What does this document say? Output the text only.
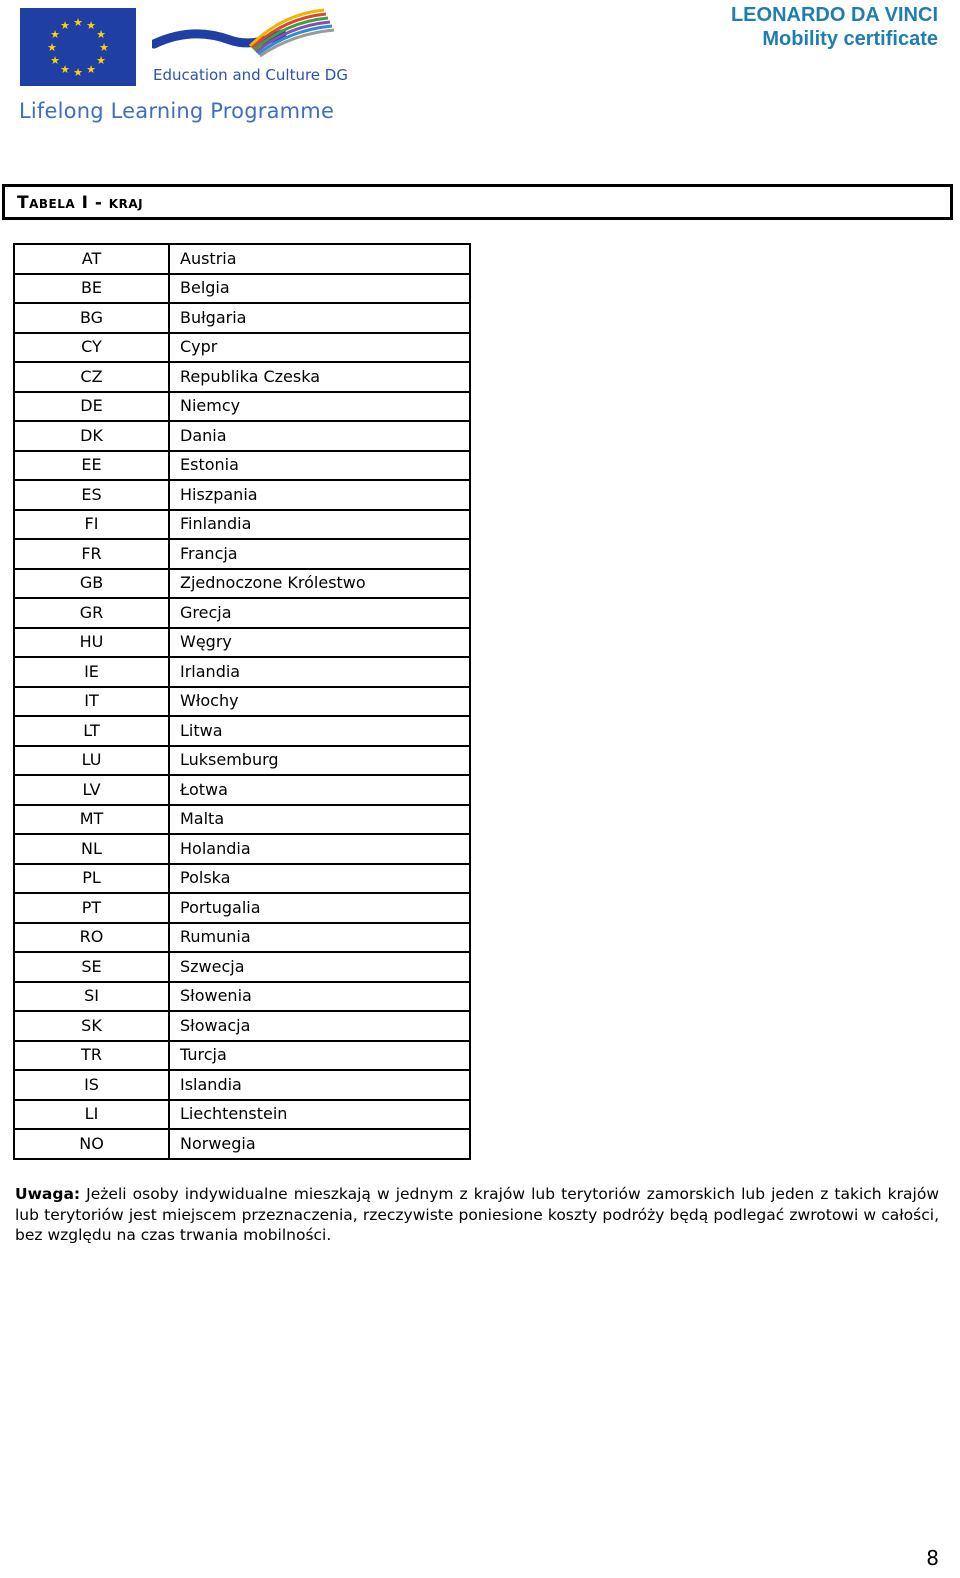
★ ★
★
★
★
★
★
★
★
★
★
★
Education and Culture DG
Lifelong Learning Programme
LEONARDO DA VINCI
Mobility certificate
Tabela I - kraj
AT	Austria
BE	Belgia
BG	Bułgaria
CY	Cypr
CZ	Republika Czeska
DE	Niemcy
DK	Dania
EE	Estonia
ES	Hiszpania
FI	Finlandia
FR	Francja
GB	Zjednoczone Królestwo
GR	Grecja
HU	Węgry
IE	Irlandia
IT	Włochy
LT	Litwa
LU	Luksemburg
LV	Łotwa
MT	Malta
NL	Holandia
PL	Polska
PT	Portugalia
RO	Rumunia
SE	Szwecja
SI	Słowenia
SK	Słowacja
TR	Turcja
IS	Islandia
LI	Liechtenstein
NO	Norwegia
Uwaga: Jeżeli osoby indywidualne mieszkają w jednym z krajów lub terytoriów zamorskich lub jeden z takich krajów lub terytoriów jest miejscem przeznaczenia, rzeczywiste poniesione koszty podróży będą podlegać zwrotowi w całości, bez względu na czas trwania mobilności.
8
